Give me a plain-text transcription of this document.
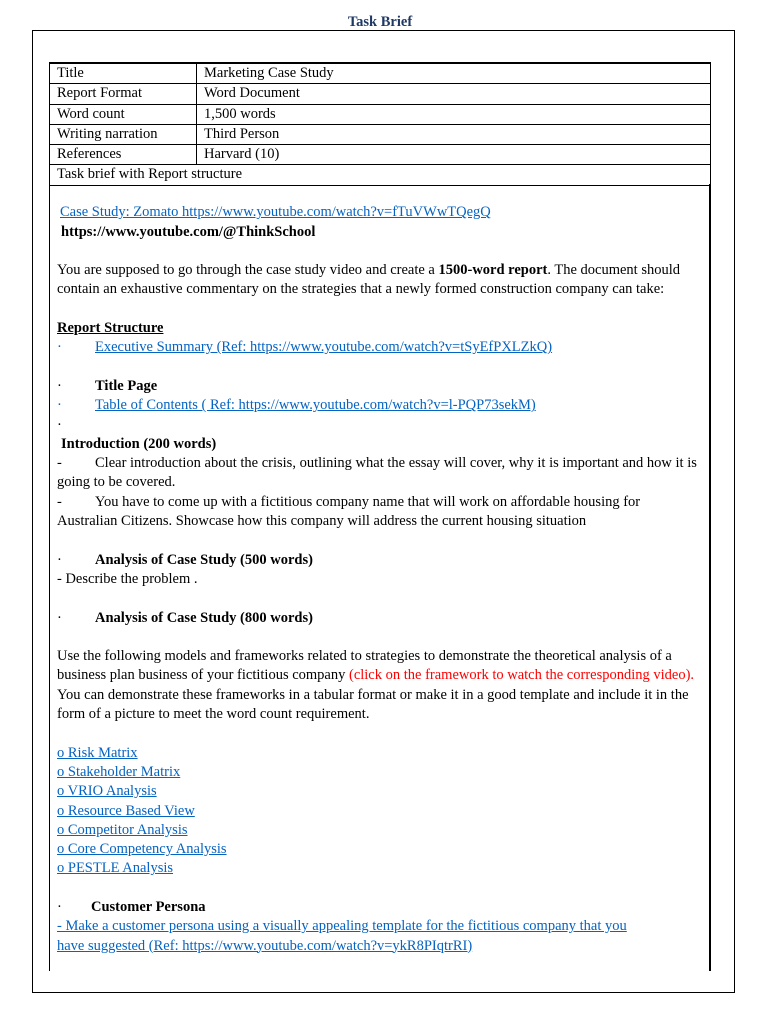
Task Brief
Title	Marketing Case Study
Report Format	Word Document
Word count	1,500 words
Writing narration	Third Person
References	Harvard (10)
Task brief with Report structure	
Case Study: Zomato https://www.youtube.com/watch?v=fTuVWwTQegQ
https://www.youtube.com/@ThinkSchool
You are supposed to go through the case study video and create a 1500-word report. The document should contain an exhaustive commentary on the strategies that a newly formed construction company can take:
Report Structure
· Executive Summary (Ref: https://www.youtube.com/watch?v=tSyEfPXLZkQ)
· Title Page
· Table of Contents ( Ref: https://www.youtube.com/watch?v=l-PQP73sekM)
·
Introduction (200 words)
- Clear introduction about the crisis, outlining what the essay will cover, why it is important and how it is going to be covered.
- You have to come up with a fictitious company name that will work on affordable housing for Australian Citizens. Showcase how this company will address the current housing situation
· Analysis of Case Study (500 words)
- Describe the problem .
· Analysis of Case Study (800 words)
Use the following models and frameworks related to strategies to demonstrate the theoretical analysis of a business plan business of your fictitious company (click on the framework to watch the corresponding video). You can demonstrate these frameworks in a tabular format or make it in a good template and include it in the form of a picture to meet the word count requirement.
o Risk Matrix
o Stakeholder Matrix
o VRIO Analysis
o Resource Based View
o Competitor Analysis
o Core Competency Analysis
o PESTLE Analysis
· Customer Persona
- Make a customer persona using a visually appealing template for the fictitious company that you
have suggested (Ref: https://www.youtube.com/watch?v=ykR8PIqtrRI)
